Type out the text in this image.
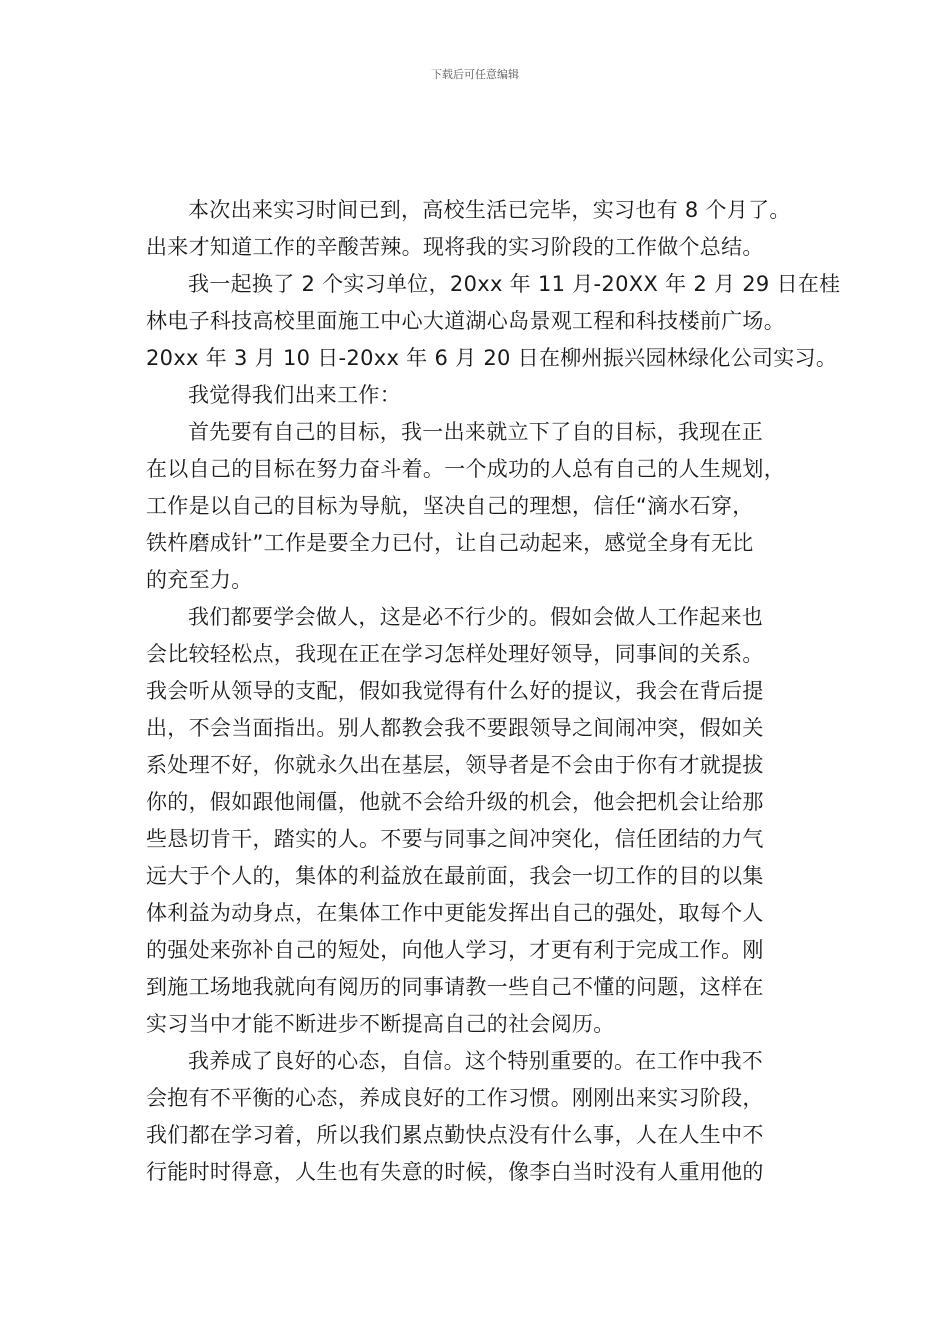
下载后可任意编辑
本次出来实习时间已到，高校生活已完毕，实习也有 8 个月了。
出来才知道工作的辛酸苦辣。现将我的实习阶段的工作做个总结。
我一起换了 2 个实习单位，20xx 年 11 月-20XX 年 2 月 29 日在桂
林电子科技高校里面施工中心大道湖心岛景观工程和科技楼前广场。
20xx 年 3 月 10 日-20xx 年 6 月 20 日在柳州振兴园林绿化公司实习。
我觉得我们出来工作：
首先要有自己的目标，我一出来就立下了自的目标，我现在正
在以自己的目标在努力奋斗着。一个成功的人总有自己的人生规划，
工作是以自己的目标为导航，坚决自己的理想，信任“滴水石穿，
铁杵磨成针”工作是要全力已付，让自己动起来，感觉全身有无比
的充至力。
我们都要学会做人，这是必不行少的。假如会做人工作起来也
会比较轻松点，我现在正在学习怎样处理好领导，同事间的关系。
我会听从领导的支配，假如我觉得有什么好的提议，我会在背后提
出，不会当面指出。别人都教会我不要跟领导之间闹冲突，假如关
系处理不好，你就永久出在基层，领导者是不会由于你有才就提拔
你的，假如跟他闹僵，他就不会给升级的机会，他会把机会让给那
些恳切肯干，踏实的人。不要与同事之间冲突化，信任团结的力气
远大于个人的，集体的利益放在最前面，我会一切工作的目的以集
体利益为动身点，在集体工作中更能发挥出自己的强处，取每个人
的强处来弥补自己的短处，向他人学习，才更有利于完成工作。刚
到施工场地我就向有阅历的同事请教一些自己不懂的问题，这样在
实习当中才能不断进步不断提高自己的社会阅历。
我养成了良好的心态，自信。这个特别重要的。在工作中我不
会抱有不平衡的心态，养成良好的工作习惯。刚刚出来实习阶段，
我们都在学习着，所以我们累点勤快点没有什么事，人在人生中不
行能时时得意，人生也有失意的时候，像李白当时没有人重用他的
